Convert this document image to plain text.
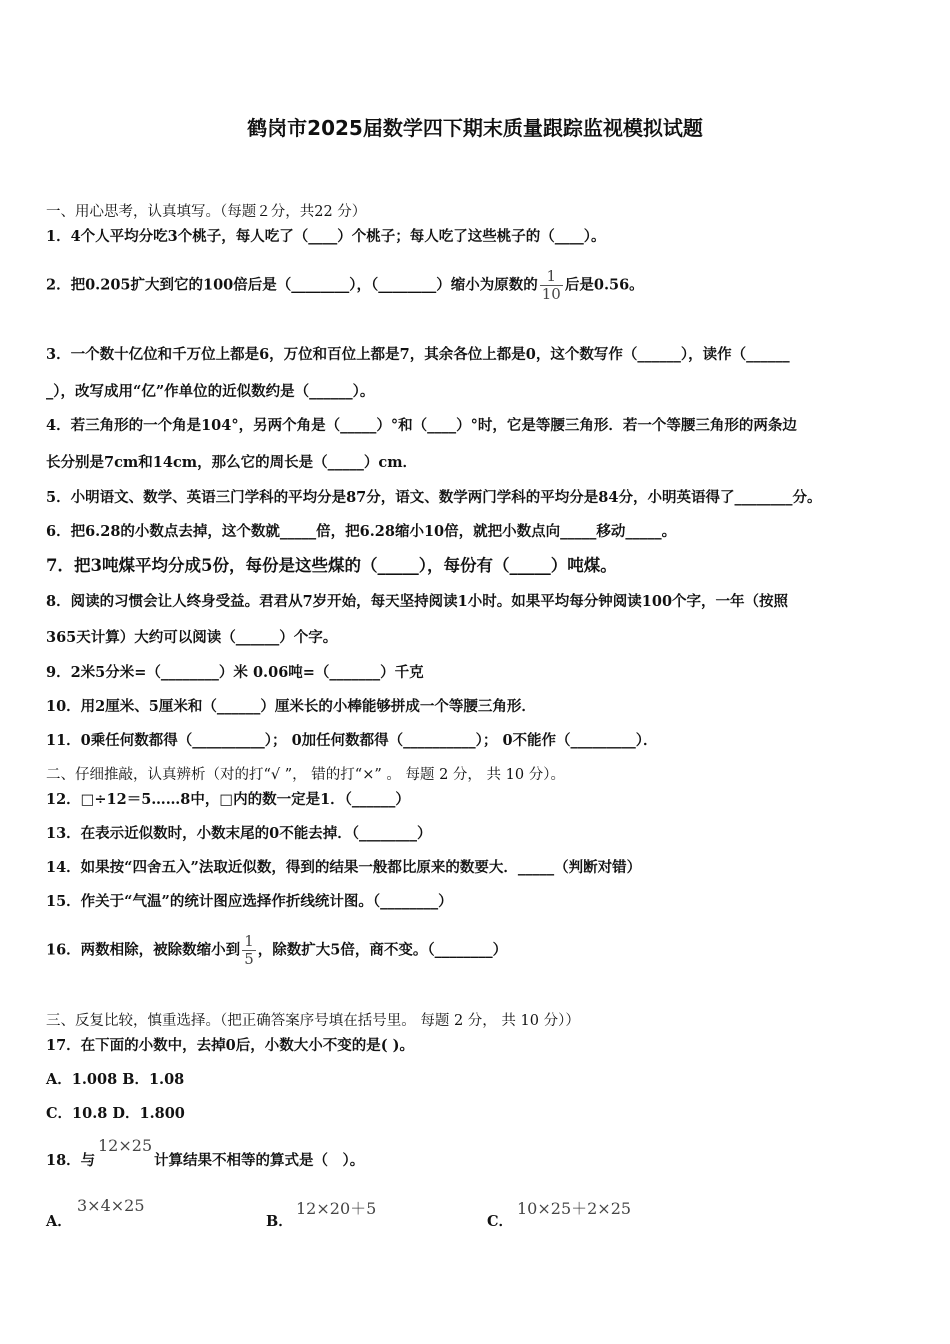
鹤岗市2025届数学四下期末质量跟踪监视模拟试题
一、用心思考，认真填写。（每题２分，共22 分）
1．4个人平均分吃3个桃子，每人吃了（____）个桃子；每人吃了这些桃子的（____）。
2．把0.205扩大到它的100倍后是（________），（________）缩小为原数的 $\frac{1}{10}$ 后是0.56。
3．一个数十亿位和千万位上都是6，万位和百位上都是7，其余各位上都是0，这个数写作（______），读作（______
_），改写成用“亿”作单位的近似数约是（______）。
4．若三角形的一个角是104°，另两个角是（_____）°和（____）°时，它是等腰三角形．若一个等腰三角形的两条边
长分别是7cm和14cm，那么它的周长是（_____）cm．
5．小明语文、数学、英语三门学科的平均分是87分，语文、数学两门学科的平均分是84分，小明英语得了________分。
6．把6.28的小数点去掉，这个数就_____倍，把6.28缩小10倍，就把小数点向_____移动_____。
7．把3吨煤平均分成5份，每份是这些煤的（_____），每份有（_____）吨煤。
8．阅读的习惯会让人终身受益。君君从7岁开始，每天坚持阅读1小时。如果平均每分钟阅读100个字，一年（按照
365天计算）大约可以阅读（______）个字。
9．2米5分米=（________）米 0.06吨=（_______）千克
10．用2厘米、5厘米和（______）厘米长的小棒能够拼成一个等腰三角形．
11．0乘任何数都得（__________）； 0加任何数都得（__________）； 0不能作（_________）．
二、仔细推敲，认真辨析（对的打“√ ”， 错的打“×” 。 每题 2 分， 共 10 分）。
12．□÷12＝5……8中，□内的数一定是1．（______）
13．在表示近似数时，小数末尾的0不能去掉．（________）
14．如果按“四舍五入”法取近似数，得到的结果一般都比原来的数要大．_____（判断对错）
15．作关于“气温”的统计图应选择作折线统计图。（________）
16．两数相除，被除数缩小到 $\frac{1}{5}$ ，除数扩大5倍，商不变。（________）
三、反复比较，慎重选择。（把正确答案序号填在括号里。 每题 2 分， 共 10 分））
17．在下面的小数中，去掉0后，小数大小不变的是( )。
A．1.008 B．1.08
C．10.8 D．1.800
18．与
12×25
计算结果不相等的算式是（　）。
A．
3×4×25
B．
12×20＋5
C．
10×25＋2×25
